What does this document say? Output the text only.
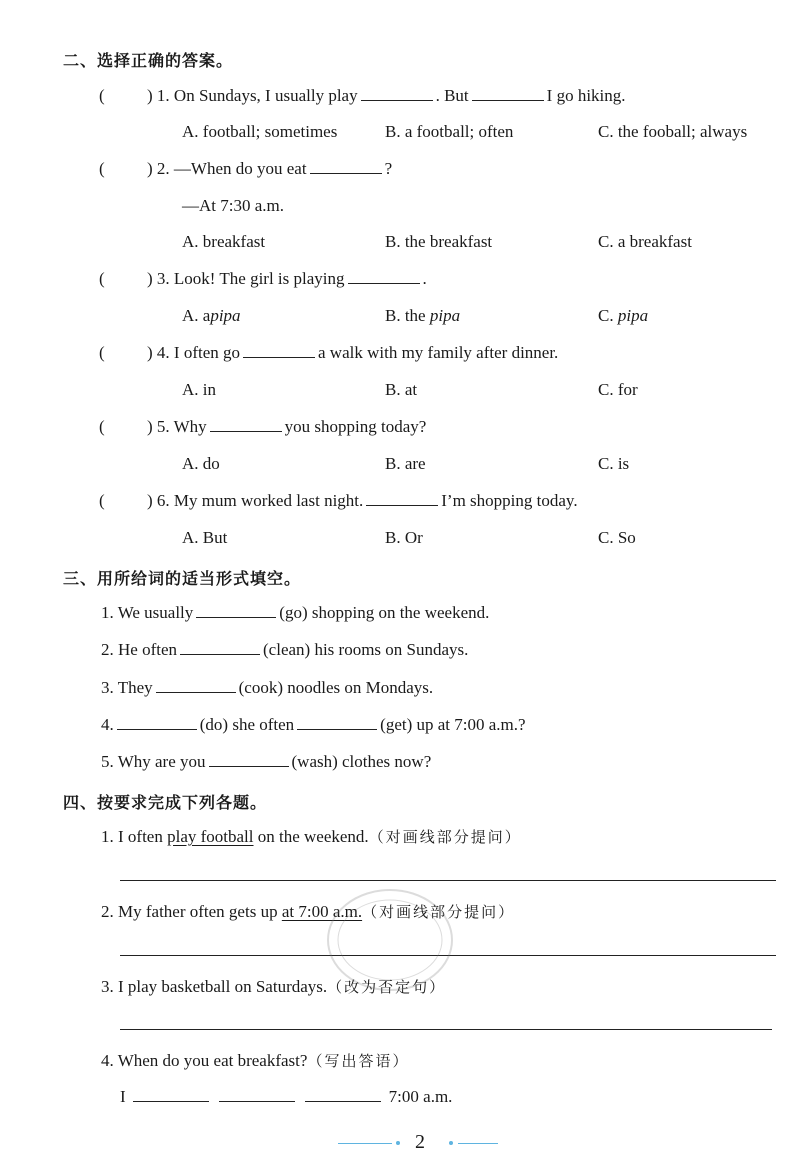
二、选择正确的答案。
( ) 1. On Sundays, I usually play	. But	I go hiking.
A. football; sometimes	B. a football; often	C. the fooball; always
( ) 2. —When do you eat	?
—At 7:30 a.m.
A. breakfast	B. the breakfast	C. a breakfast
( ) 3. Look! The girl is playing	.
A. apipa	B. the pipa	C. pipa
( ) 4. I often go	a walk with my family after dinner.
A. in	B. at	C. for
( ) 5. Why	you shopping today?
A. do	B. are	C. is
( ) 6. My mum worked last night.	I’m shopping today.
A. But	B. Or	C. So
三、用所给词的适当形式填空。
1. We usually	(go) shopping on the weekend.
2. He often	(clean) his rooms on Sundays.
3. They	(cook) noodles on Mondays.
4.	(do) she often	(get) up at 7:00 a.m.?
5. Why are you	(wash) clothes now?
四、按要求完成下列各题。
1. I often play football on the weekend.（对画线部分提问）
2. My father often gets up at 7:00 a.m.（对画线部分提问）
3. I play basketball on Saturdays.（改为否定句）
4. When do you eat breakfast?（写出答语）
I	7:00 a.m.
2
